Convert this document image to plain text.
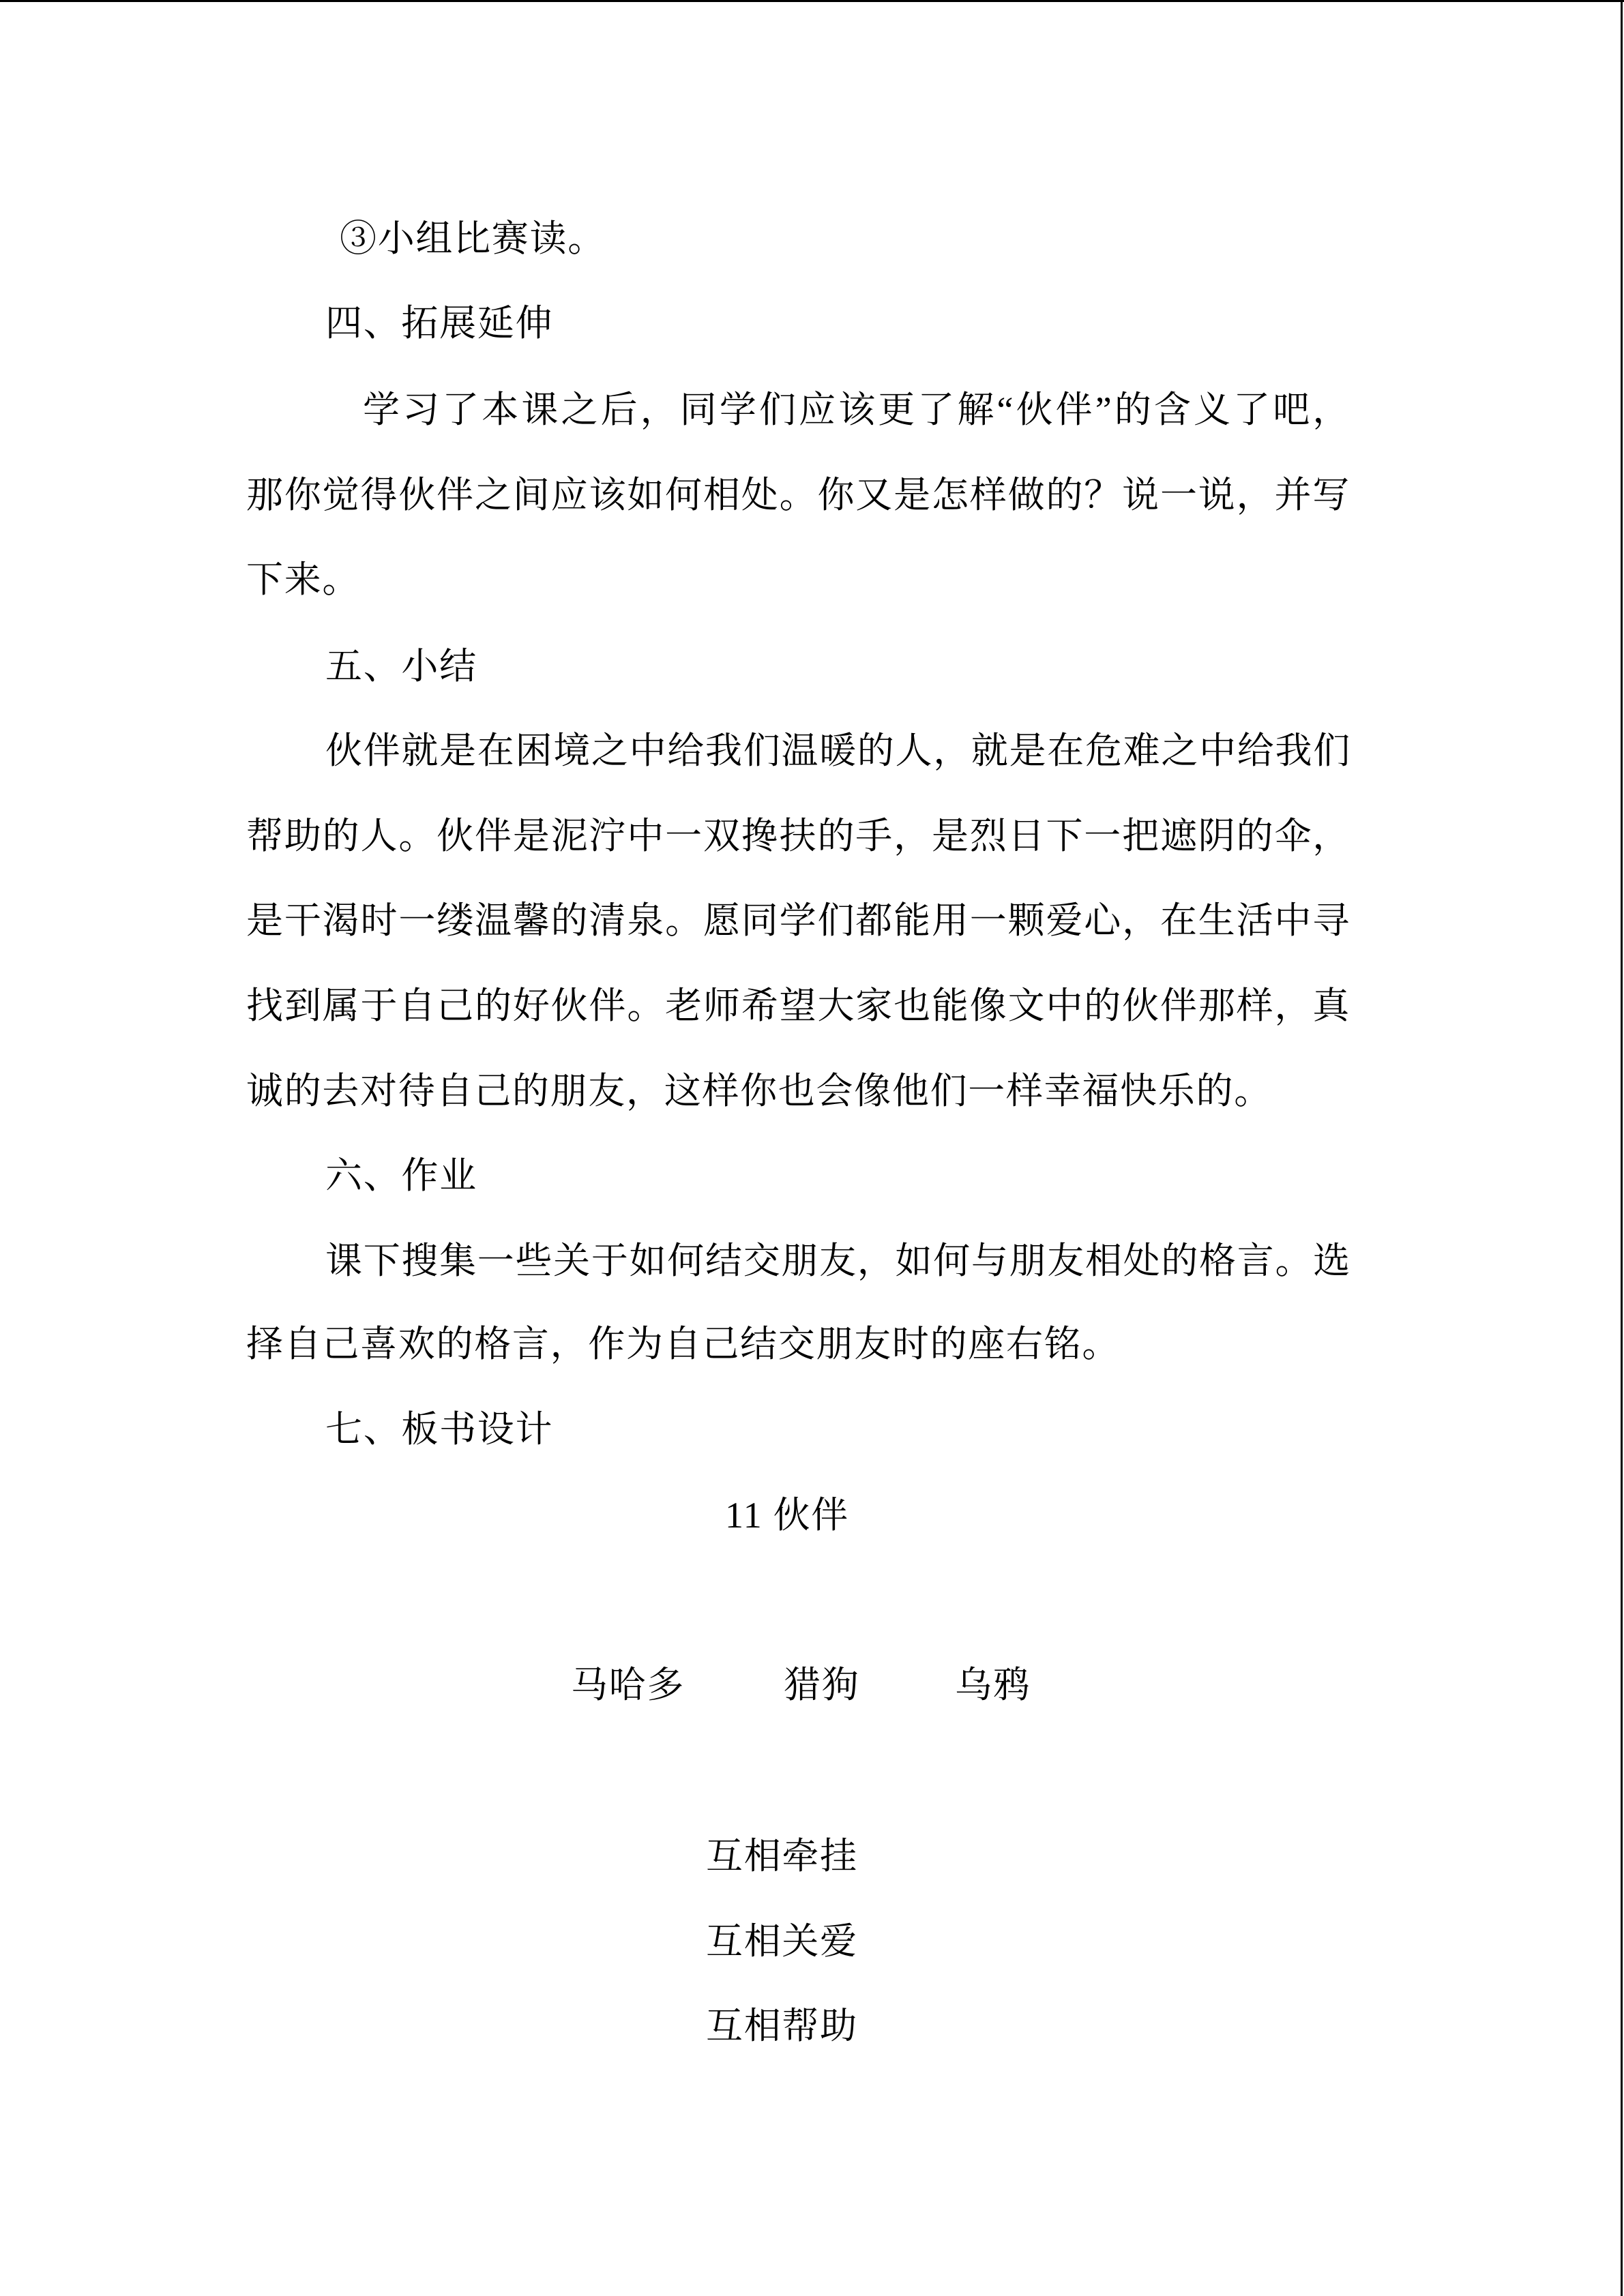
③小组比赛读。
四、拓展延伸
学习了本课之后，同学们应该更了解“伙伴”的含义了吧，
那你觉得伙伴之间应该如何相处。你又是怎样做的？说一说，并写
下来。
五、小结
伙伴就是在困境之中给我们温暖的人，就是在危难之中给我们
帮助的人。伙伴是泥泞中一双搀扶的手，是烈日下一把遮阴的伞，
是干渴时一缕温馨的清泉。愿同学们都能用一颗爱心，在生活中寻
找到属于自己的好伙伴。老师希望大家也能像文中的伙伴那样，真
诚的去对待自己的朋友，这样你也会像他们一样幸福快乐的。
六、作业
课下搜集一些关于如何结交朋友，如何与朋友相处的格言。选
择自己喜欢的格言，作为自己结交朋友时的座右铭。
七、板书设计
11 伙伴
马哈多	猎狗	乌鸦
互相牵挂
互相关爱
互相帮助
